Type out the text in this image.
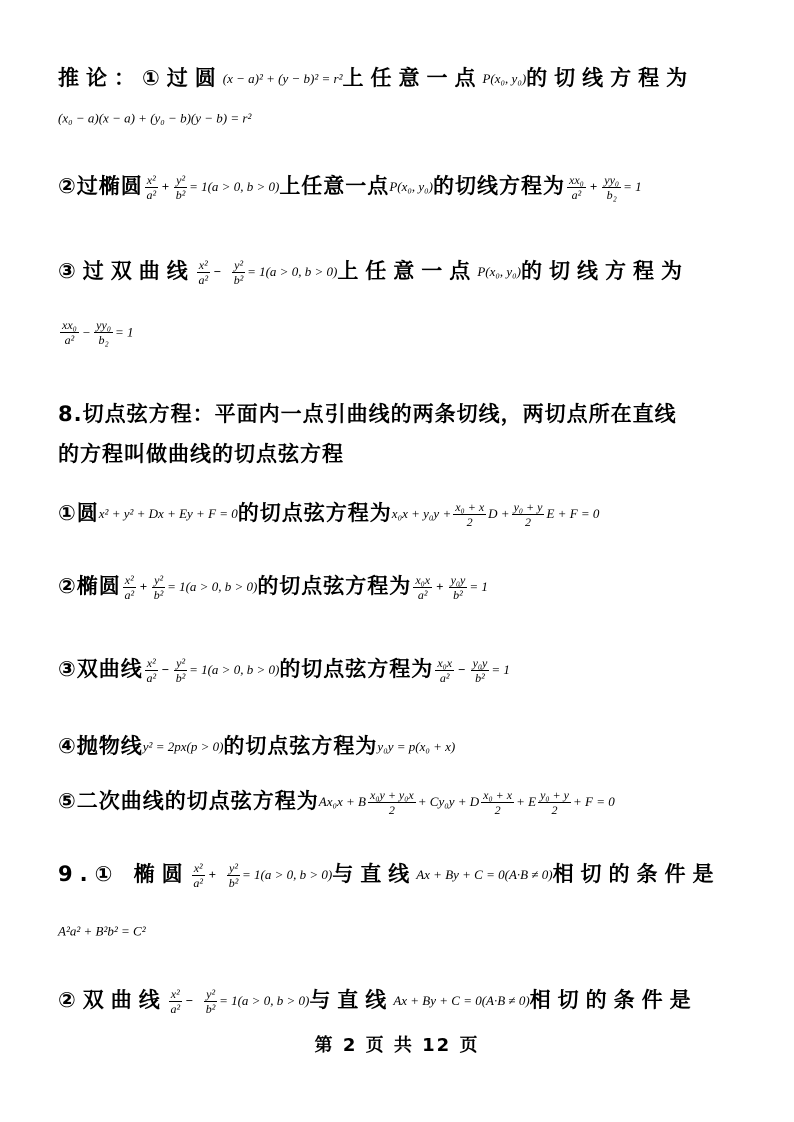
推论：①过圆(x − a)² + (y − b)² = r²上任意一点P(x₀, y₀)的切线方程为
(x₀ − a)(x − a) + (y₀ − b)(y − b) = r²
②过椭圆 $\frac{\text{x²}}{\text{a²}} + \frac{\text{y²}}{\text{b²}} = 1(a > 0$, b > 0)上任意一点P(x₀, y₀)的切线方程为 $\frac{\text{xx₀}}{\text{a²}} + \frac{\text{yy₀}}{\text{b₂}} = 1$
③过双曲线 $\frac{\text{x²}}{\text{a²}} - \frac{\text{y²}}{\text{b²}} = 1(a > 0$, b > 0)上任意一点P(x₀, y₀)的切线方程为
$\frac{\text{xx₀}}{\text{a²}} - \frac{\text{yy₀}}{\text{b₂}} = 1$
8.切点弦方程：平面内一点引曲线的两条切线，两切点所在直线
的方程叫做曲线的切点弦方程
①圆x² + y² + Dx + Ey + F = 0的切点弦方程为$x_0x + y_0y + \frac{\text{x₀ + x}}{2}$ $D + \frac{\text{y₀ + y}}{2}$ E + F = 0
②椭圆 $\frac{\text{x²}}{\text{a²}} + \frac{\text{y²}}{\text{b²}} = 1(a > 0$, b > 0)的切点弦方程为 $\frac{\text{x₀x}}{\text{a²}} + \frac{\text{y₀y}}{\text{b²}} = 1$
③双曲线 $\frac{\text{x²}}{\text{a²}} - \frac{\text{y²}}{\text{b²}} = 1(a > 0$, b > 0)的切点弦方程为 $\frac{\text{x₀x}}{\text{a²}} - \frac{\text{y₀y}}{\text{b²}} = 1$
④抛物线y² = 2px(p > 0)的切点弦方程为y₀y = p(x₀ + x)
⑤二次曲线的切点弦方程为Ax₀x + B $\frac{\text{x₀y + y₀x}}{2} + Cy_0y + D \frac{\text{x₀ + x}}{2} + E \frac{\text{y₀ + y}}{2} + F = 0$
9.① 椭圆 $\frac{\text{x²}}{\text{a²}} + \frac{\text{y²}}{\text{b²}} = 1(a > 0$, b > 0)与直线Ax + By + C = 0(A·B ≠ 0)相切的条件是
A²a² + B²b² = C²
②双曲线 $\frac{\text{x²}}{\text{a²}} - \frac{\text{y²}}{\text{b²}} = 1(a > 0$, b > 0)与直线Ax + By + C = 0(A·B ≠ 0)相切的条件是
第 2 页 共 12 页
